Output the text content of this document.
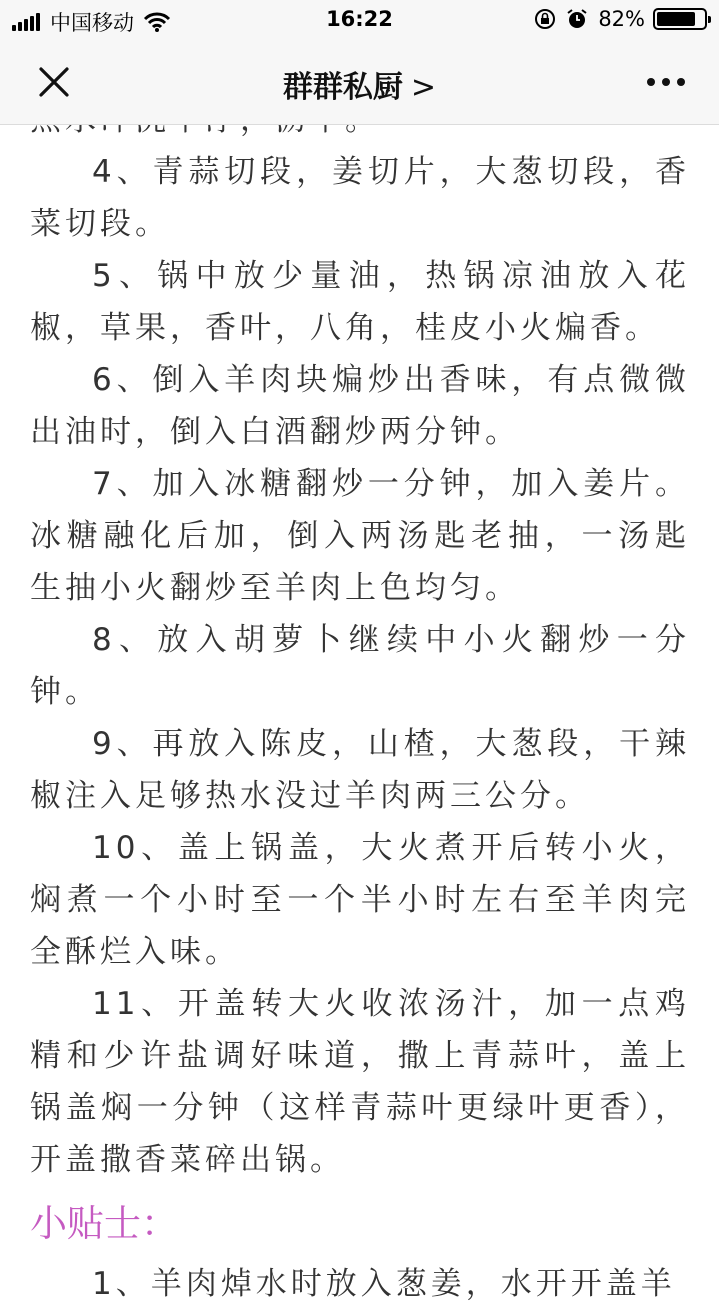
中国移动	16:22	82%
群群私厨 >

4、青蒜切段，姜切片，大葱切段，香菜切段。

5、锅中放少量油，热锅凉油放入花椒，草果，香叶，八角，桂皮小火煸香。

6、倒入羊肉块煸炒出香味，有点微微出油时，倒入白酒翻炒两分钟。

7、加入冰糖翻炒一分钟，加入姜片。冰糖融化后加，倒入两汤匙老抽，一汤匙生抽小火翻炒至羊肉上色均匀。

8、放入胡萝卜继续中小火翻炒一分钟。

9、再放入陈皮，山楂，大葱段，干辣椒注入足够热水没过羊肉两三公分。

10、盖上锅盖，大火煮开后转小火，焖煮一个小时至一个半小时左右至羊肉完全酥烂入味。

11、开盖转大火收浓汤汁，加一点鸡精和少许盐调好味道，撒上青蒜叶，盖上锅盖焖一分钟（这样青蒜叶更绿叶更香），开盖撒香菜碎出锅。

小贴士：

1、羊肉焯水时放入葱姜，水开开盖羊
